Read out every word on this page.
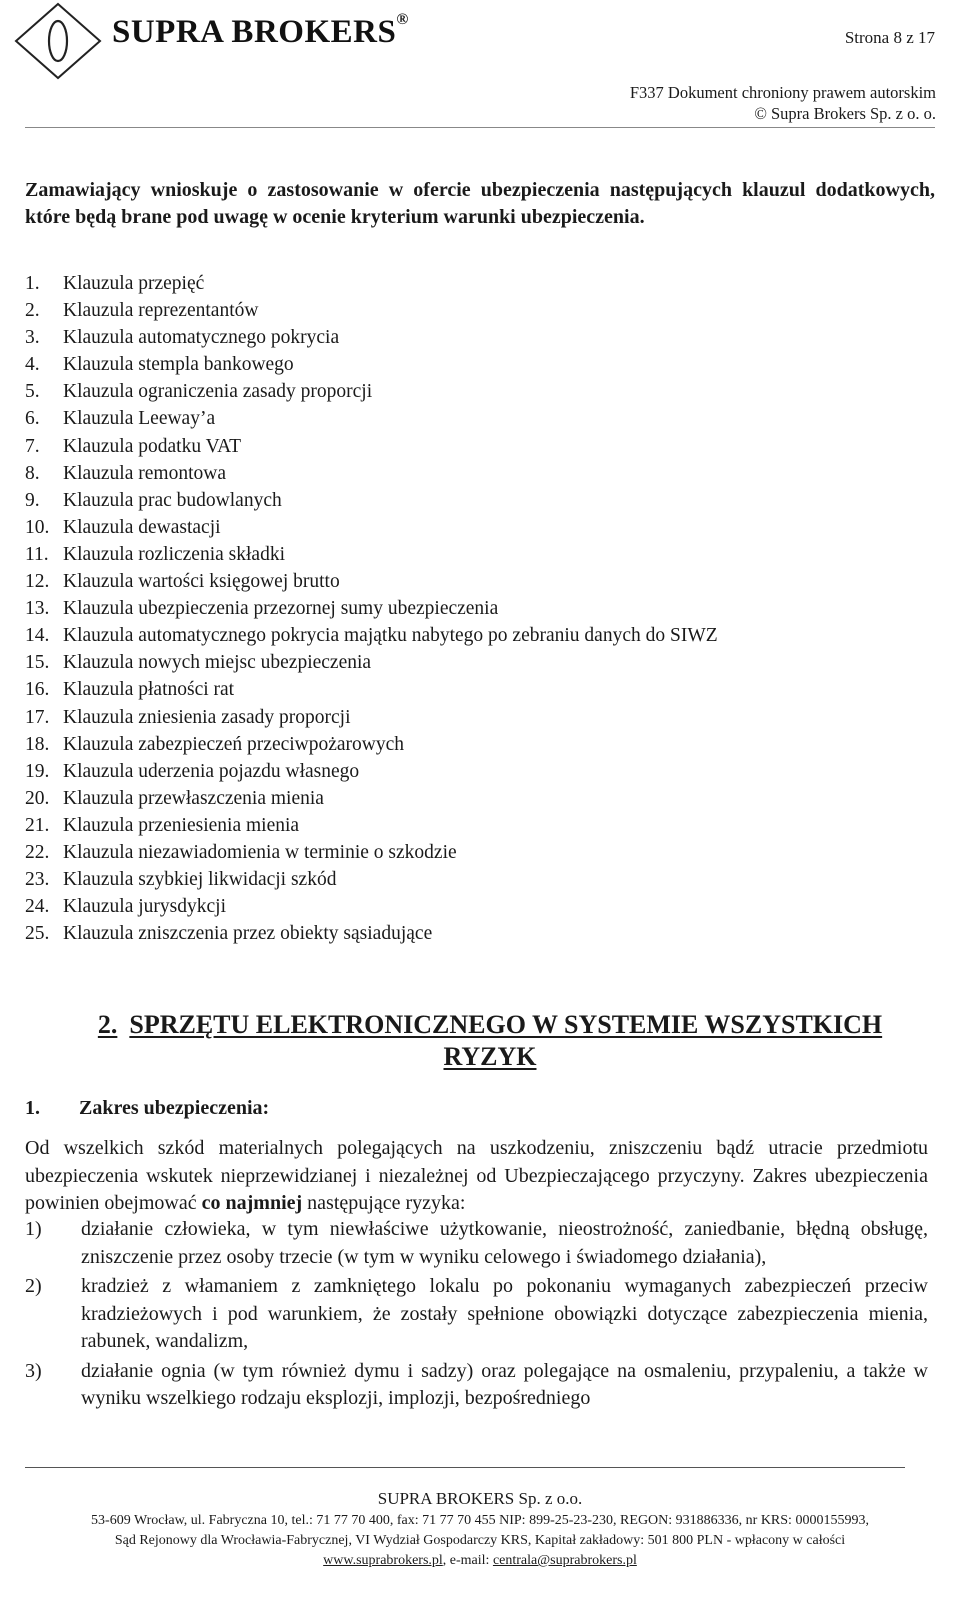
SUPRA BROKERS®
Strona 8 z 17
F337 Dokument chroniony prawem autorskim
© Supra Brokers Sp. z o. o.
Zamawiający wnioskuje o zastosowanie w ofercie ubezpieczenia następujących klauzul dodatkowych, które będą brane pod uwagę w ocenie kryterium warunki ubezpieczenia.
1. Klauzula przepięć
2. Klauzula reprezentantów
3. Klauzula automatycznego pokrycia
4. Klauzula stempla bankowego
5. Klauzula ograniczenia zasady proporcji
6. Klauzula Leeway’a
7. Klauzula podatku VAT
8. Klauzula remontowa
9. Klauzula prac budowlanych
10. Klauzula dewastacji
11. Klauzula rozliczenia składki
12. Klauzula wartości księgowej brutto
13. Klauzula ubezpieczenia przezornej sumy ubezpieczenia
14. Klauzula automatycznego pokrycia majątku nabytego po zebraniu danych do SIWZ
15. Klauzula nowych miejsc ubezpieczenia
16. Klauzula płatności rat
17. Klauzula zniesienia zasady proporcji
18. Klauzula zabezpieczeń przeciwpożarowych
19. Klauzula uderzenia pojazdu własnego
20. Klauzula przewłaszczenia mienia
21. Klauzula przeniesienia mienia
22. Klauzula niezawiadomienia w terminie o szkodzie
23. Klauzula szybkiej likwidacji szkód
24. Klauzula jurysdykcji
25. Klauzula zniszczenia przez obiekty sąsiadujące
2. SPRZĘTU ELEKTRONICZNEGO W SYSTEMIE WSZYSTKICH RYZYK
1. Zakres ubezpieczenia:
Od wszelkich szkód materialnych polegających na uszkodzeniu, zniszczeniu bądź utracie przedmiotu ubezpieczenia wskutek nieprzewidzianej i niezależnej od Ubezpieczającego przyczyny. Zakres ubezpieczenia powinien obejmować co najmniej następujące ryzyka:
1) działanie człowieka, w tym niewłaściwe użytkowanie, nieostrożność, zaniedbanie, błędną obsługę, zniszczenie przez osoby trzecie (w tym w wyniku celowego i świadomego działania),
2) kradzież z włamaniem z zamkniętego lokalu po pokonaniu wymaganych zabezpieczeń przeciw kradzieżowych i pod warunkiem, że zostały spełnione obowiązki dotyczące zabezpieczenia mienia, rabunek, wandalizm,
3) działanie ognia (w tym również dymu i sadzy) oraz polegające na osmaleniu, przypaleniu, a także w wyniku wszelkiego rodzaju eksplozji, implozji, bezpośredniego
SUPRA BROKERS Sp. z o.o.
53-609 Wrocław, ul. Fabryczna 10, tel.: 71 77 70 400, fax: 71 77 70 455 NIP: 899-25-23-230, REGON: 931886336, nr KRS: 0000155993,
Sąd Rejonowy dla Wrocławia-Fabrycznej, VI Wydział Gospodarczy KRS, Kapitał zakładowy: 501 800 PLN - wpłacony w całości
www.suprabrokers.pl, e-mail: centrala@suprabrokers.pl
